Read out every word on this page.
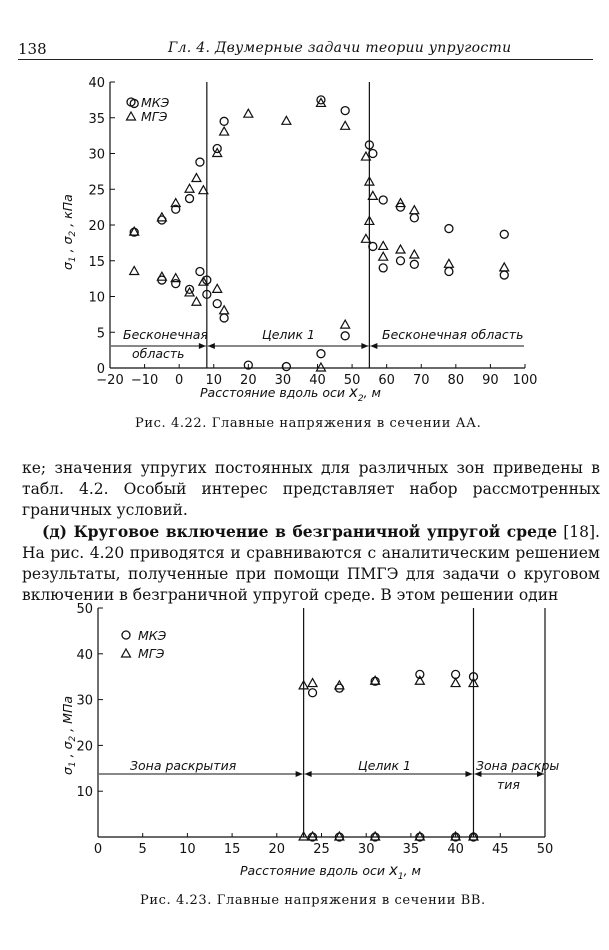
138	Гл. 4. Двумерные задачи теории упругости
−20 −10 0 10 20 30 40 50 60 70 80 90 100
0
5
10
15
20
25
30
35
40
$\sigma_1$ , $\sigma_2$ , кПа
Расстояние вдоль оси $x_2$, м
МКЭ
МГЭ
Бесконечная
область
Целик 1	Бесконечная область
Рис. 4.22. Главные напряжения в сечении АА.

ке; значения упругих постоянных для различных зон приведены в табл. 4.2. Особый интерес представляет набор рассмотренных граничных условий.

(д) Круговое включение в безграничной упругой среде [18]. На рис. 4.20 приводятся и сравниваются с аналитическим решением результаты, полученные при помощи ПМГЭ для задачи о круговом включении в безграничной упругой среде. В этом решении один

0	5 10 15 20 25 30 35 40 45 50
10
20
30
40
50
$\sigma_1$ , $\sigma_2$ , МПа
Расстояние вдоль оси $x_1$, м
МКЭ
МГЭ
Зона раскрытия	Целик 1	Зона раскры
тия
Рис. 4.23. Главные напряжения в сечении ВВ.
